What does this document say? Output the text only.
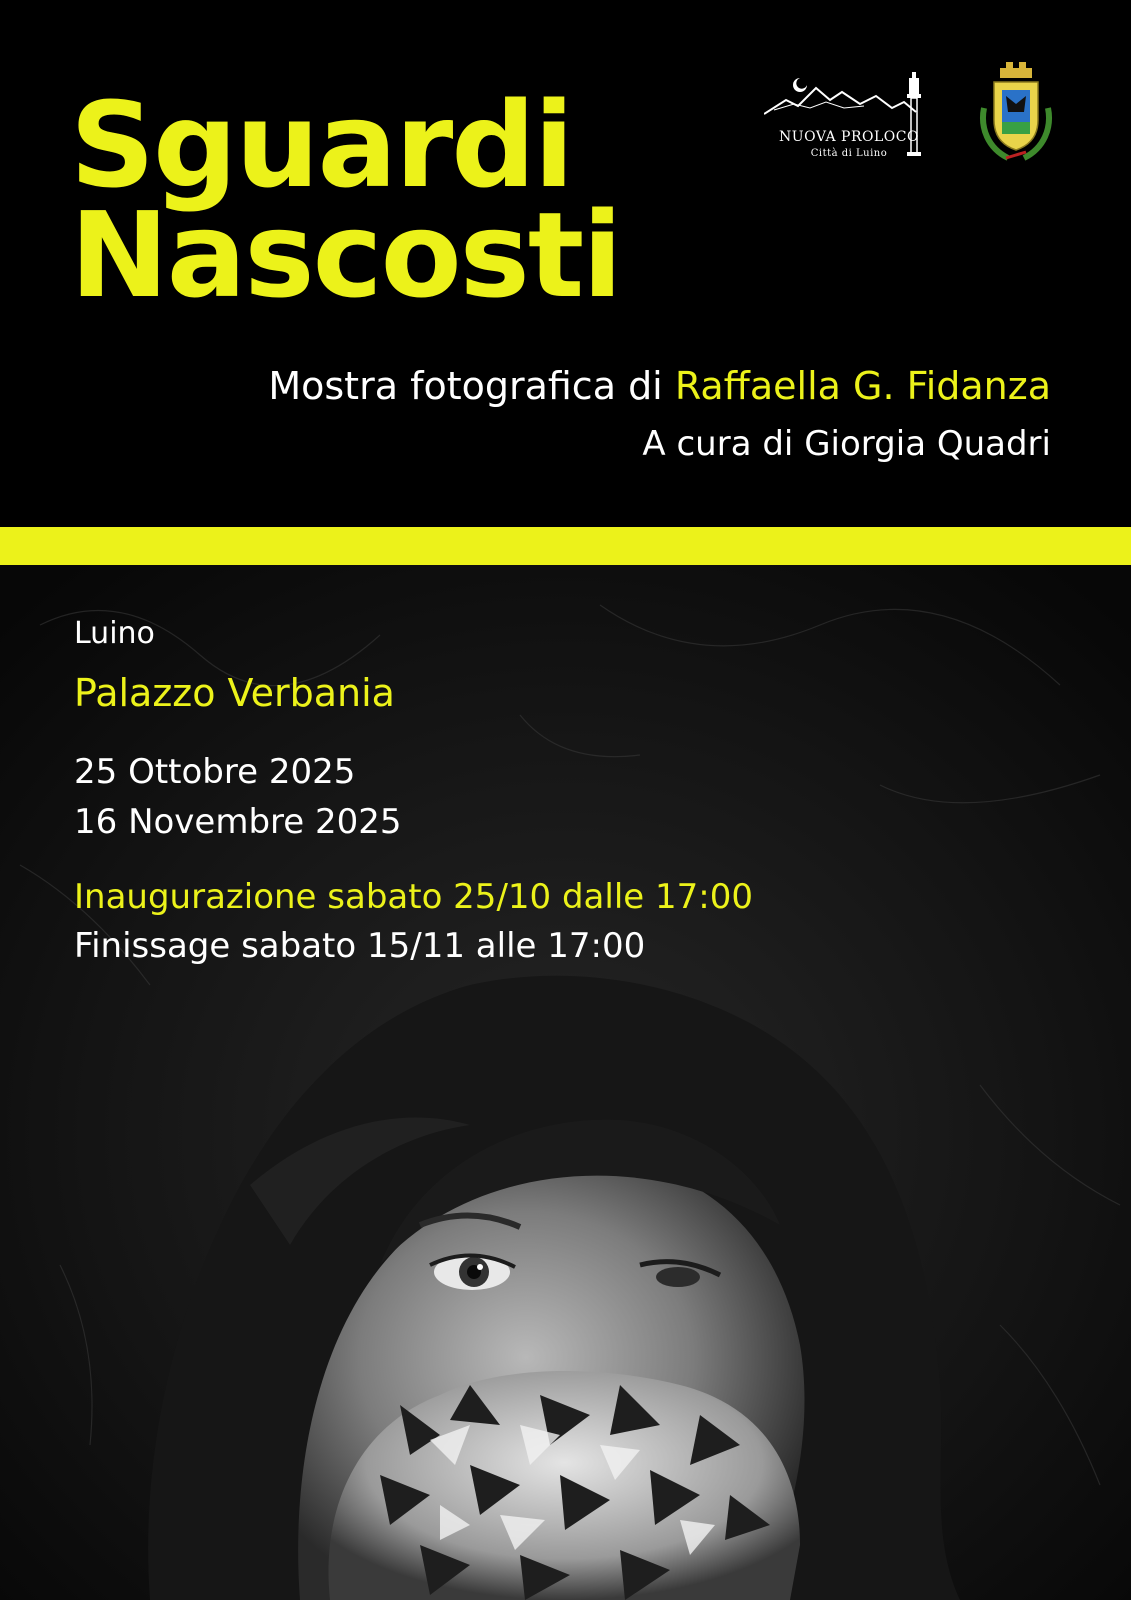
Sguardi
Nascosti
NUOVA PROLOCO
Città di Luino

Mostra fotografica di Raffaella G. Fidanza

A cura di Giorgia Quadri

Luino

Palazzo Verbania

25 Ottobre 2025

16 Novembre 2025

Inaugurazione sabato 25/10 dalle 17:00

Finissage sabato 15/11 alle 17:00
